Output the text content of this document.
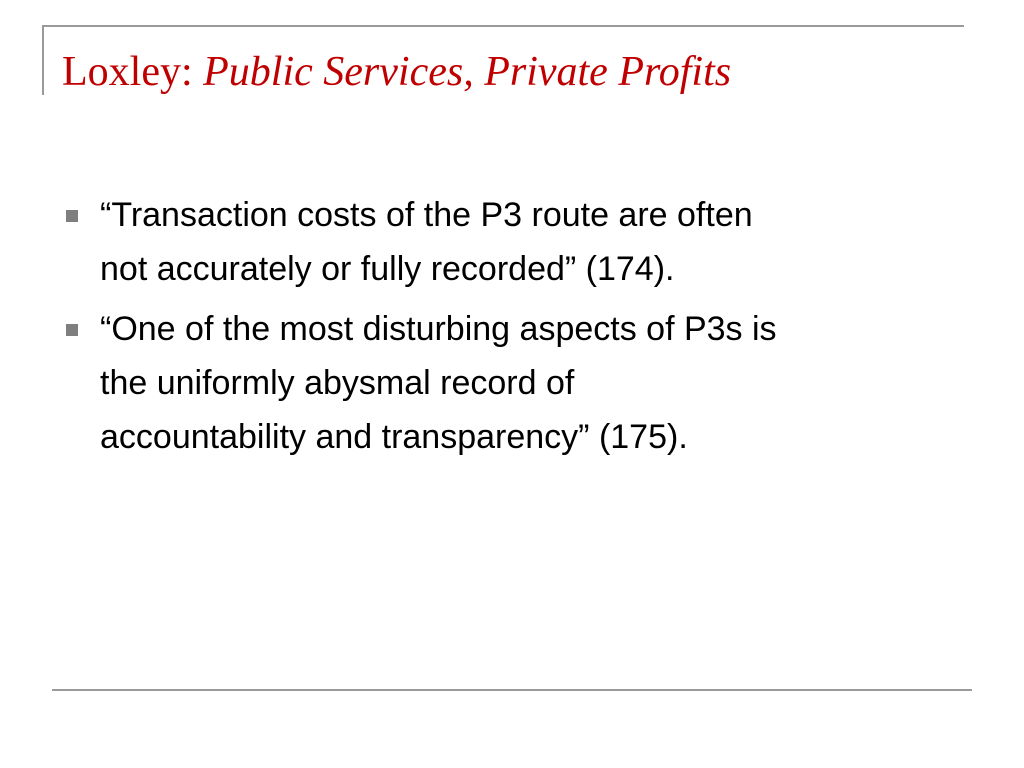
Loxley: Public Services, Private Profits
“Transaction costs of the P3 route are often
not accurately or fully recorded” (174).
“One of the most disturbing aspects of P3s is
the uniformly abysmal record of
accountability and transparency” (175).
